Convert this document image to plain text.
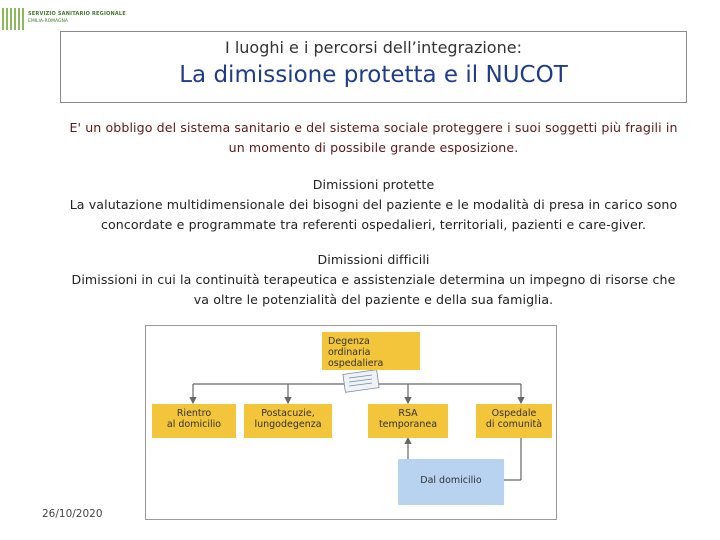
SERVIZIO SANITARIO REGIONALE
EMILIA-ROMAGNA
I luoghi e i percorsi dell’integrazione:
La dimissione protetta e il NUCOT
E' un obbligo del sistema sanitario e del sistema sociale proteggere i suoi soggetti più fragili in
un momento di possibile grande esposizione.
Dimissioni protette
La valutazione multidimensionale dei bisogni del paziente e le modalità di presa in carico sono
concordate e programmate tra referenti ospedalieri, territoriali, pazienti e care-giver.
Dimissioni difficili
Dimissioni in cui la continuità terapeutica e assistenziale determina un impegno di risorse che
va oltre le potenzialità del paziente e della sua famiglia.
Degenza ordinaria
ospedaliera
Rientro
al domicilio
Postacuzie,
lungodegenza
RSA
temporanea
Ospedale
di comunità
Dal domicilio
26/10/2020
